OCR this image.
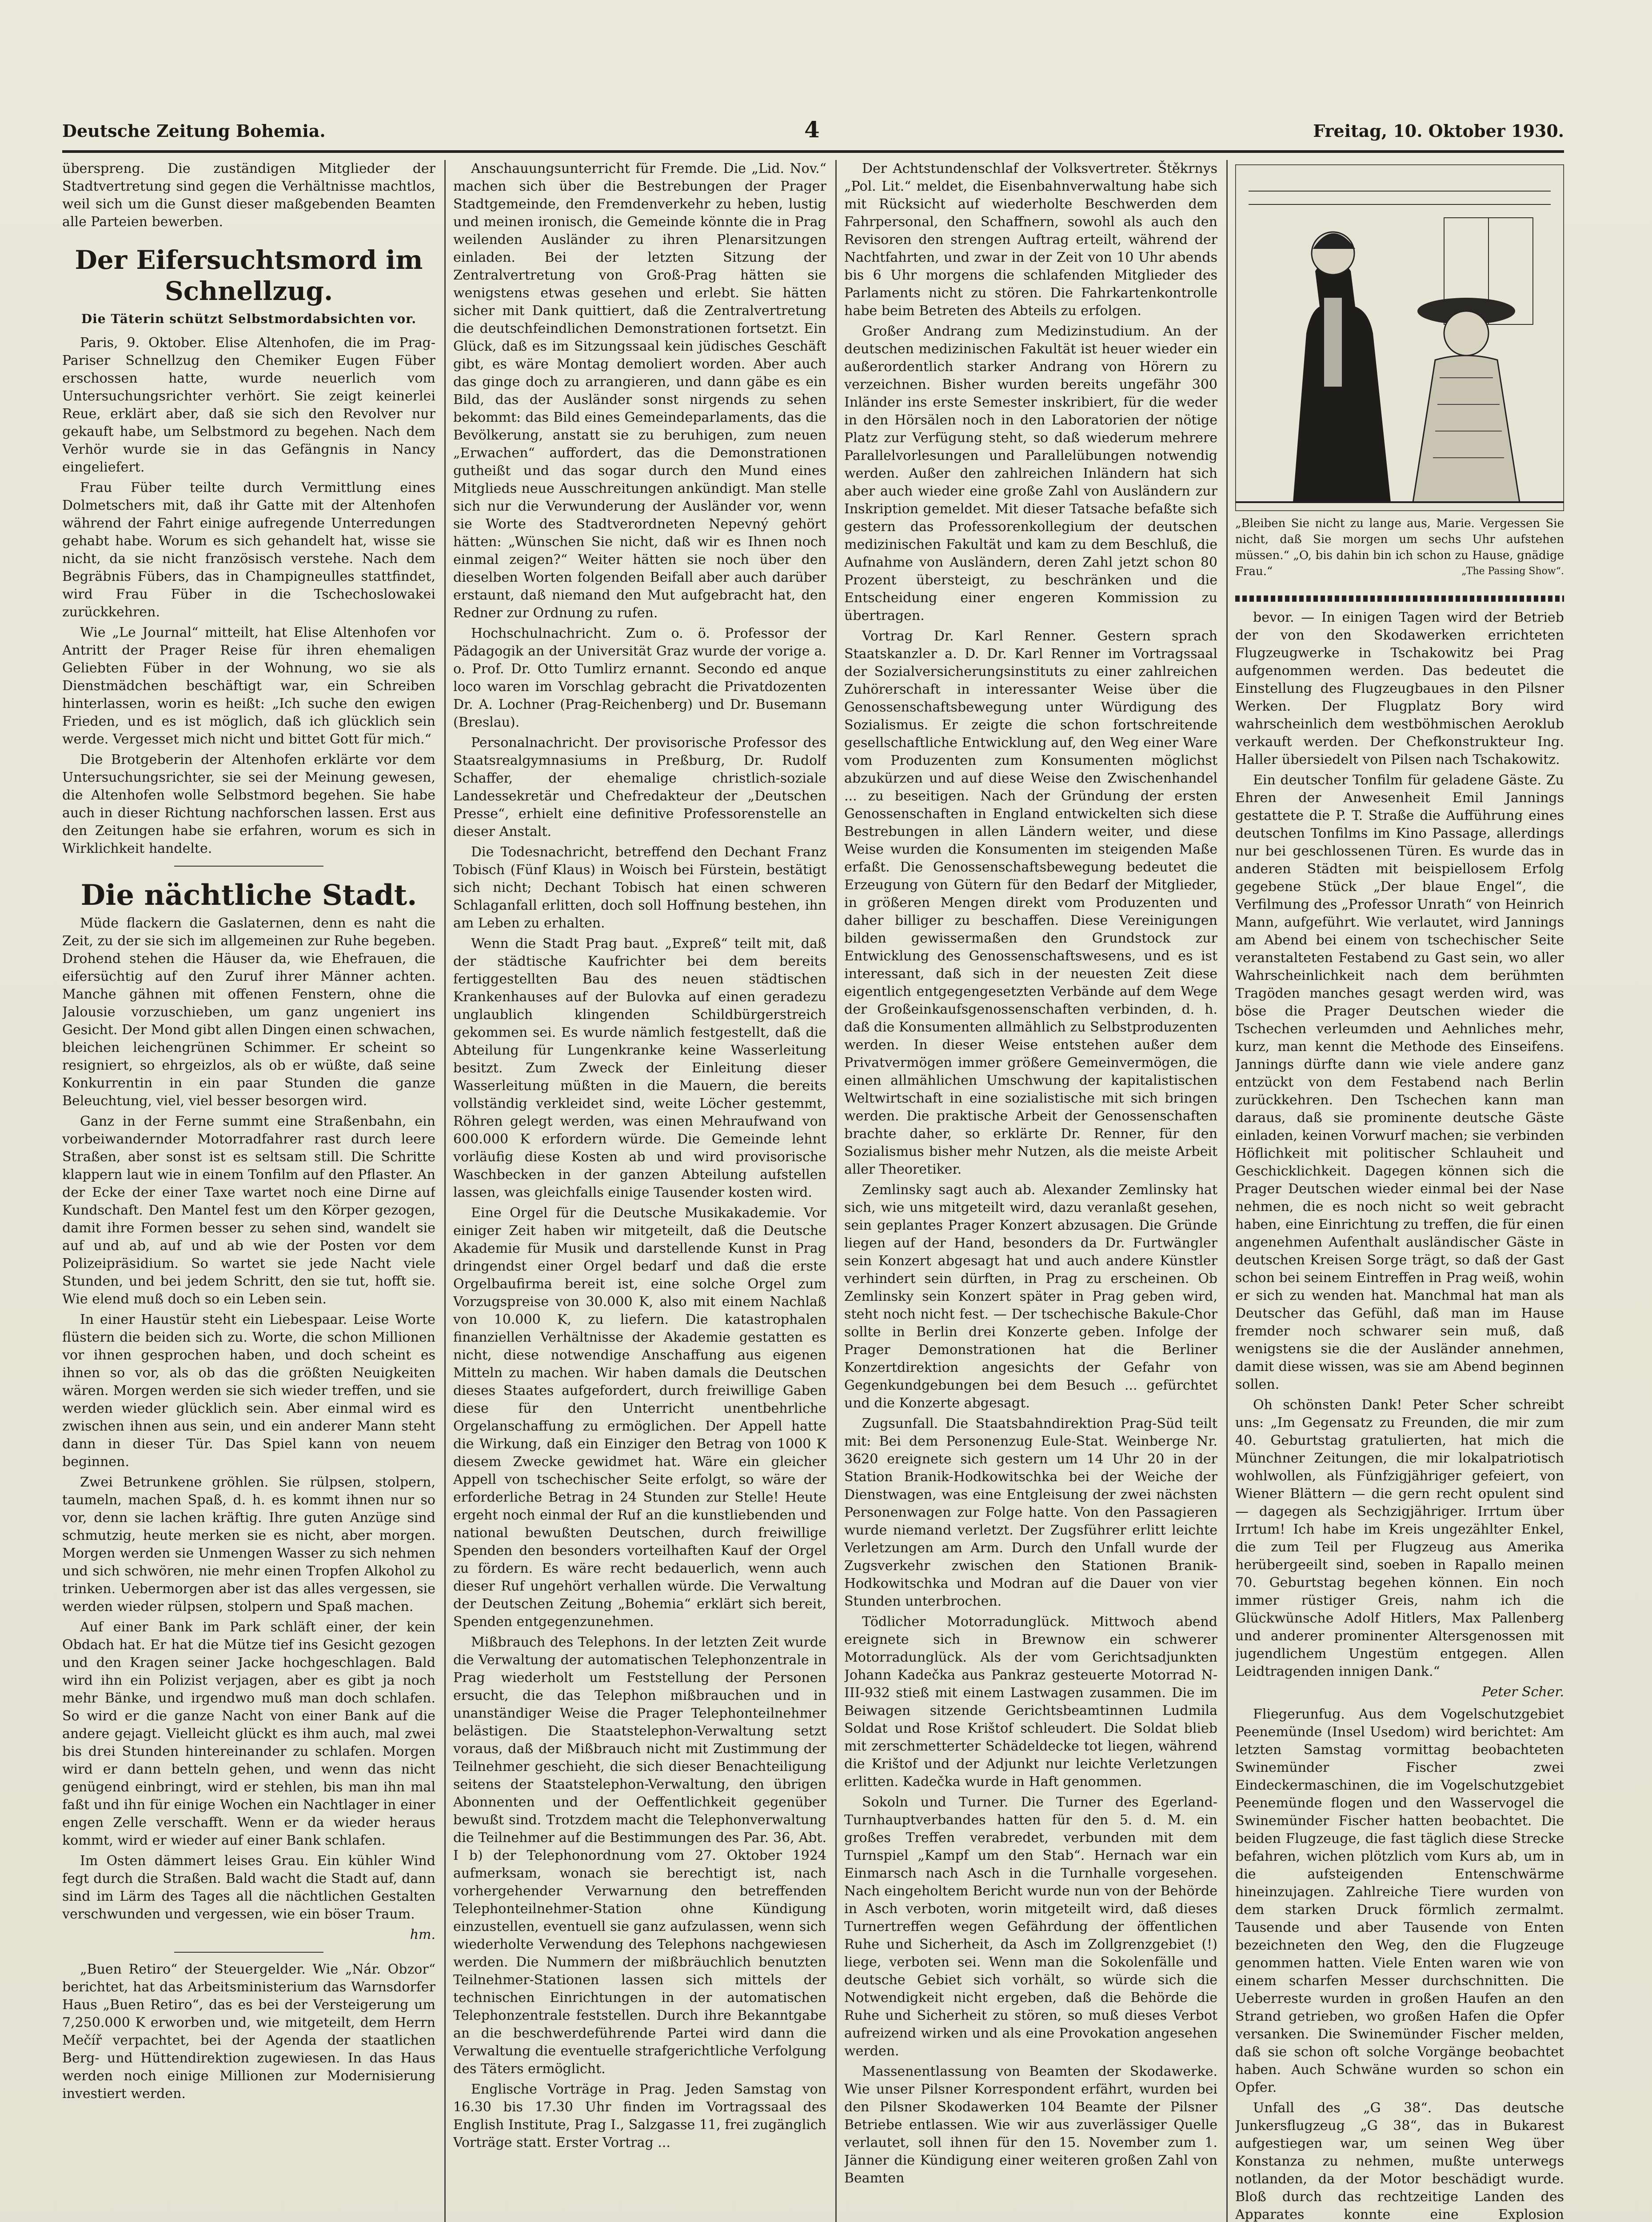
Deutsche Zeitung Bohemia.	4	Freitag, 10. Oktober 1930.

überspreng. Die zuständigen Mitglieder der Stadtvertretung sind gegen die Verhältnisse machtlos, weil sich um die Gunst dieser maßgebenden Beamten alle Parteien bewerben.

Der Eifersuchtsmord im Schnellzug.
Die Täterin schützt Selbstmordabsichten vor.

Paris, 9. Oktober. Elise Altenhofen, die im Prag-Pariser Schnellzug den Chemiker Eugen Füber erschossen hatte, wurde neuerlich vom Untersuchungsrichter verhört. Sie zeigt keinerlei Reue, erklärt aber, daß sie sich den Revolver nur gekauft habe, um Selbstmord zu begehen. Nach dem Verhör wurde sie in das Gefängnis in Nancy eingeliefert.

Frau Füber teilte durch Vermittlung eines Dolmetschers mit, daß ihr Gatte mit der Altenhofen während der Fahrt einige aufregende Unterredungen gehabt habe. Worum es sich gehandelt hat, wisse sie nicht, da sie nicht französisch verstehe. Nach dem Begräbnis Fübers, das in Champigneulles stattfindet, wird Frau Füber in die Tschechoslowakei zurückkehren.

Wie „Le Journal“ mitteilt, hat Elise Altenhofen vor Antritt der Prager Reise für ihren ehemaligen Geliebten Füber in der Wohnung, wo sie als Dienstmädchen beschäftigt war, ein Schreiben hinterlassen, worin es heißt: „Ich suche den ewigen Frieden, und es ist möglich, daß ich glücklich sein werde. Vergesset mich nicht und bittet Gott für mich.“

Die Brotgeberin der Altenhofen erklärte vor dem Untersuchungsrichter, sie sei der Meinung gewesen, die Altenhofen wolle Selbstmord begehen. Sie habe auch in dieser Richtung nachforschen lassen. Erst aus den Zeitungen habe sie erfahren, worum es sich in Wirklichkeit handelte.

Die nächtliche Stadt.

Müde flackern die Gaslaternen, denn es naht die Zeit, zu der sie sich im allgemeinen zur Ruhe begeben. Drohend stehen die Häuser da, wie Ehefrauen, die eifersüchtig auf den Zuruf ihrer Männer achten. Manche gähnen mit offenen Fenstern, ohne die Jalousie vorzuschieben, um ganz ungeniert ins Gesicht. Der Mond gibt allen Dingen einen schwachen, bleichen leichengrünen Schimmer. Er scheint so resigniert, so ehrgeizlos, als ob er wüßte, daß seine Konkurrentin in ein paar Stunden die ganze Beleuchtung, viel, viel besser besorgen wird.

Ganz in der Ferne summt eine Straßenbahn, ein vorbeiwandernder Motorradfahrer rast durch leere Straßen, aber sonst ist es seltsam still. Die Schritte klappern laut wie in einem Tonfilm auf den Pflaster. An der Ecke der einer Taxe wartet noch eine Dirne auf Kundschaft. Den Mantel fest um den Körper gezogen, damit ihre Formen besser zu sehen sind, wandelt sie auf und ab, auf und ab wie der Posten vor dem Polizeipräsidium. So wartet sie jede Nacht viele Stunden, und bei jedem Schritt, den sie tut, hofft sie. Wie elend muß doch so ein Leben sein.

In einer Haustür steht ein Liebespaar. Leise Worte flüstern die beiden sich zu. Worte, die schon Millionen vor ihnen gesprochen haben, und doch scheint es ihnen so vor, als ob das die größten Neuigkeiten wären. Morgen werden sie sich wieder treffen, und sie werden wieder glücklich sein. Aber einmal wird es zwischen ihnen aus sein, und ein anderer Mann steht dann in dieser Tür. Das Spiel kann von neuem beginnen.

Zwei Betrunkene gröhlen. Sie rülpsen, stolpern, taumeln, machen Spaß, d. h. es kommt ihnen nur so vor, denn sie lachen kräftig. Ihre guten Anzüge sind schmutzig, heute merken sie es nicht, aber morgen. Morgen werden sie Unmengen Wasser zu sich nehmen und sich schwören, nie mehr einen Tropfen Alkohol zu trinken. Uebermorgen aber ist das alles vergessen, sie werden wieder rülpsen, stolpern und Spaß machen.

Auf einer Bank im Park schläft einer, der kein Obdach hat. Er hat die Mütze tief ins Gesicht gezogen und den Kragen seiner Jacke hochgeschlagen. Bald wird ihn ein Polizist verjagen, aber es gibt ja noch mehr Bänke, und irgendwo muß man doch schlafen. So wird er die ganze Nacht von einer Bank auf die andere gejagt. Vielleicht glückt es ihm auch, mal zwei bis drei Stunden hintereinander zu schlafen. Morgen wird er dann betteln gehen, und wenn das nicht genügend einbringt, wird er stehlen, bis man ihn mal faßt und ihn für einige Wochen ein Nachtlager in einer engen Zelle verschafft. Wenn er da wieder heraus kommt, wird er wieder auf einer Bank schlafen.

Im Osten dämmert leises Grau. Ein kühler Wind fegt durch die Straßen. Bald wacht die Stadt auf, dann sind im Lärm des Tages all die nächtlichen Gestalten verschwunden und vergessen, wie ein böser Traum.

hm.

„Buen Retiro“ der Steuergelder. Wie „Nár. Obzor“ berichtet, hat das Arbeitsministerium das Warnsdorfer Haus „Buen Retiro“, das es bei der Versteigerung um 7,250.000 K erworben und, wie mitgeteilt, dem Herrn Mečíř verpachtet, bei der Agenda der staatlichen Berg- und Hüttendirektion zugewiesen. In das Haus werden noch einige Millionen zur Modernisierung investiert werden.

Anschauungsunterricht für Fremde. Die „Lid. Nov.“ machen sich über die Bestrebungen der Prager Stadtgemeinde, den Fremdenverkehr zu heben, lustig und meinen ironisch, die Gemeinde könnte die in Prag weilenden Ausländer zu ihren Plenarsitzungen einladen. Bei der letzten Sitzung der Zentralvertretung von Groß-Prag hätten sie wenigstens etwas gesehen und erlebt. Sie hätten sicher mit Dank quittiert, daß die Zentralvertretung die deutschfeindlichen Demonstrationen fortsetzt. Ein Glück, daß es im Sitzungssaal kein jüdisches Geschäft gibt, es wäre Montag demoliert worden. Aber auch das ginge doch zu arrangieren, und dann gäbe es ein Bild, das der Ausländer sonst nirgends zu sehen bekommt: das Bild eines Gemeindeparlaments, das die Bevölkerung, anstatt sie zu beruhigen, zum neuen „Erwachen“ auffordert, das die Demonstrationen gutheißt und das sogar durch den Mund eines Mitglieds neue Ausschreitungen ankündigt. Man stelle sich nur die Verwunderung der Ausländer vor, wenn sie Worte des Stadtverordneten Nepevný gehört hätten: „Wünschen Sie nicht, daß wir es Ihnen noch einmal zeigen?“ Weiter hätten sie noch über den dieselben Worten folgenden Beifall aber auch darüber erstaunt, daß niemand den Mut aufgebracht hat, den Redner zur Ordnung zu rufen.

Hochschulnachricht. Zum o. ö. Professor der Pädagogik an der Universität Graz wurde der vorige a. o. Prof. Dr. Otto Tumlirz ernannt. Secondo ed anque loco waren im Vorschlag gebracht die Privatdozenten Dr. A. Lochner (Prag-Reichenberg) und Dr. Busemann (Breslau).

Personalnachricht. Der provisorische Professor des Staatsrealgymnasiums in Preßburg, Dr. Rudolf Schaffer, der ehemalige christlich-soziale Landessekretär und Chefredakteur der „Deutschen Presse“, erhielt eine definitive Professorenstelle an dieser Anstalt.

Die Todesnachricht, betreffend den Dechant Franz Tobisch (Fünf Klaus) in Woisch bei Fürstein, bestätigt sich nicht; Dechant Tobisch hat einen schweren Schlaganfall erlitten, doch soll Hoffnung bestehen, ihn am Leben zu erhalten.

Wenn die Stadt Prag baut. „Expreß“ teilt mit, daß der städtische Kaufrichter bei dem bereits fertiggestellten Bau des neuen städtischen Krankenhauses auf der Bulovka auf einen geradezu unglaublich klingenden Schildbürgerstreich gekommen sei. Es wurde nämlich festgestellt, daß die Abteilung für Lungenkranke keine Wasserleitung besitzt. Zum Zweck der Einleitung dieser Wasserleitung müßten in die Mauern, die bereits vollständig verkleidet sind, weite Löcher gestemmt, Röhren gelegt werden, was einen Mehraufwand von 600.000 K erfordern würde. Die Gemeinde lehnt vorläufig diese Kosten ab und wird provisorische Waschbecken in der ganzen Abteilung aufstellen lassen, was gleichfalls einige Tausender kosten wird.

Eine Orgel für die Deutsche Musikakademie. Vor einiger Zeit haben wir mitgeteilt, daß die Deutsche Akademie für Musik und darstellende Kunst in Prag dringendst einer Orgel bedarf und daß die erste Orgelbaufirma bereit ist, eine solche Orgel zum Vorzugspreise von 30.000 K, also mit einem Nachlaß von 10.000 K, zu liefern. Die katastrophalen finanziellen Verhältnisse der Akademie gestatten es nicht, diese notwendige Anschaffung aus eigenen Mitteln zu machen. Wir haben damals die Deutschen dieses Staates aufgefordert, durch freiwillige Gaben diese für den Unterricht unentbehrliche Orgelanschaffung zu ermöglichen. Der Appell hatte die Wirkung, daß ein Einziger den Betrag von 1000 K diesem Zwecke gewidmet hat. Wäre ein gleicher Appell von tschechischer Seite erfolgt, so wäre der erforderliche Betrag in 24 Stunden zur Stelle! Heute ergeht noch einmal der Ruf an die kunstliebenden und national bewußten Deutschen, durch freiwillige Spenden den besonders vorteilhaften Kauf der Orgel zu fördern. Es wäre recht bedauerlich, wenn auch dieser Ruf ungehört verhallen würde. Die Verwaltung der Deutschen Zeitung „Bohemia“ erklärt sich bereit, Spenden entgegenzunehmen.

Mißbrauch des Telephons. In der letzten Zeit wurde die Verwaltung der automatischen Telephonzentrale in Prag wiederholt um Feststellung der Personen ersucht, die das Telephon mißbrauchen und in unanständiger Weise die Prager Telephonteilnehmer belästigen. Die Staatstelephon-Verwaltung setzt voraus, daß der Mißbrauch nicht mit Zustimmung der Teilnehmer geschieht, die sich dieser Benachteiligung seitens der Staatstelephon-Verwaltung, den übrigen Abonnenten und der Oeffentlichkeit gegenüber bewußt sind. Trotzdem macht die Telephonverwaltung die Teilnehmer auf die Bestimmungen des Par. 36, Abt. I b) der Telephonordnung vom 27. Oktober 1924 aufmerksam, wonach sie berechtigt ist, nach vorhergehender Verwarnung den betreffenden Telephonteilnehmer-Station ohne Kündigung einzustellen, eventuell sie ganz aufzulassen, wenn sich wiederholte Verwendung des Telephons nachgewiesen werden. Die Nummern der mißbräuchlich benutzten Teilnehmer-Stationen lassen sich mittels der technischen Einrichtungen in der automatischen Telephonzentrale feststellen. Durch ihre Bekanntgabe an die beschwerdeführende Partei wird dann die Verwaltung die eventuelle strafgerichtliche Verfolgung des Täters ermöglicht.

Englische Vorträge in Prag. Jeden Samstag von 16.30 bis 17.30 Uhr finden im Vortragssaal des English Institute, Prag I., Salzgasse 11, frei zugänglich Vorträge statt. Erster Vortrag ...

Der Achtstundenschlaf der Volksvertreter. Štěkrnys „Pol. Lit.“ meldet, die Eisenbahnverwaltung habe sich mit Rücksicht auf wiederholte Beschwerden dem Fahrpersonal, den Schaffnern, sowohl als auch den Revisoren den strengen Auftrag erteilt, während der Nachtfahrten, und zwar in der Zeit von 10 Uhr abends bis 6 Uhr morgens die schlafenden Mitglieder des Parlaments nicht zu stören. Die Fahrkartenkontrolle habe beim Betreten des Abteils zu erfolgen.

Großer Andrang zum Medizinstudium. An der deutschen medizinischen Fakultät ist heuer wieder ein außerordentlich starker Andrang von Hörern zu verzeichnen. Bisher wurden bereits ungefähr 300 Inländer ins erste Semester inskribiert, für die weder in den Hörsälen noch in den Laboratorien der nötige Platz zur Verfügung steht, so daß wiederum mehrere Parallelvorlesungen und Parallelübungen notwendig werden. Außer den zahlreichen Inländern hat sich aber auch wieder eine große Zahl von Ausländern zur Inskription gemeldet. Mit dieser Tatsache befaßte sich gestern das Professorenkollegium der deutschen medizinischen Fakultät und kam zu dem Beschluß, die Aufnahme von Ausländern, deren Zahl jetzt schon 80 Prozent übersteigt, zu beschränken und die Entscheidung einer engeren Kommission zu übertragen.

Vortrag Dr. Karl Renner. Gestern sprach Staatskanzler a. D. Dr. Karl Renner im Vortragssaal der Sozialversicherungsinstituts zu einer zahlreichen Zuhörerschaft in interessanter Weise über die Genossenschaftsbewegung unter Würdigung des Sozialismus. Er zeigte die schon fortschreitende gesellschaftliche Entwicklung auf, den Weg einer Ware vom Produzenten zum Konsumenten möglichst abzukürzen und auf diese Weise den Zwischenhandel ... zu beseitigen. Nach der Gründung der ersten Genossenschaften in England entwickelten sich diese Bestrebungen in allen Ländern weiter, und diese Weise wurden die Konsumenten im steigenden Maße erfaßt. Die Genossenschaftsbewegung bedeutet die Erzeugung von Gütern für den Bedarf der Mitglieder, in größeren Mengen direkt vom Produzenten und daher billiger zu beschaffen. Diese Vereinigungen bilden gewissermaßen den Grundstock zur Entwicklung des Genossenschaftswesens, und es ist interessant, daß sich in der neuesten Zeit diese eigentlich entgegengesetzten Verbände auf dem Wege der Großeinkaufsgenossenschaften verbinden, d. h. daß die Konsumenten allmählich zu Selbstproduzenten werden. In dieser Weise entstehen außer dem Privatvermögen immer größere Gemeinvermögen, die einen allmählichen Umschwung der kapitalistischen Weltwirtschaft in eine sozialistische mit sich bringen werden. Die praktische Arbeit der Genossenschaften brachte daher, so erklärte Dr. Renner, für den Sozialismus bisher mehr Nutzen, als die meiste Arbeit aller Theoretiker.

Zemlinsky sagt auch ab. Alexander Zemlinsky hat sich, wie uns mitgeteilt wird, dazu veranlaßt gesehen, sein geplantes Prager Konzert abzusagen. Die Gründe liegen auf der Hand, besonders da Dr. Furtwängler sein Konzert abgesagt hat und auch andere Künstler verhindert sein dürften, in Prag zu erscheinen. Ob Zemlinsky sein Konzert später in Prag geben wird, steht noch nicht fest. — Der tschechische Bakule-Chor sollte in Berlin drei Konzerte geben. Infolge der Prager Demonstrationen hat die Berliner Konzertdirektion angesichts der Gefahr von Gegenkundgebungen bei dem Besuch ... gefürchtet und die Konzerte abgesagt.

Zugsunfall. Die Staatsbahndirektion Prag-Süd teilt mit: Bei dem Personenzug Eule-Stat. Weinberge Nr. 3620 ereignete sich gestern um 14 Uhr 20 in der Station Branik-Hodkowitschka bei der Weiche der Dienstwagen, was eine Entgleisung der zwei nächsten Personenwagen zur Folge hatte. Von den Passagieren wurde niemand verletzt. Der Zugsführer erlitt leichte Verletzungen am Arm. Durch den Unfall wurde der Zugsverkehr zwischen den Stationen Branik-Hodkowitschka und Modran auf die Dauer von vier Stunden unterbrochen.

Tödlicher Motorradunglück. Mittwoch abend ereignete sich in Brewnow ein schwerer Motorradunglück. Als der vom Gerichtsadjunkten Johann Kadečka aus Pankraz gesteuerte Motorrad N-III-932 stieß mit einem Lastwagen zusammen. Die im Beiwagen sitzende Gerichtsbeamtinnen Ludmila Soldat und Rose Krištof schleudert. Die Soldat blieb mit zerschmetterter Schädeldecke tot liegen, während die Krištof und der Adjunkt nur leichte Verletzungen erlitten. Kadečka wurde in Haft genommen.

Sokoln und Turner. Die Turner des Egerland-Turnhauptverbandes hatten für den 5. d. M. ein großes Treffen verabredet, verbunden mit dem Turnspiel „Kampf um den Stab“. Hernach war ein Einmarsch nach Asch in die Turnhalle vorgesehen. Nach eingeholtem Bericht wurde nun von der Behörde in Asch verboten, worin mitgeteilt wird, daß dieses Turnertreffen wegen Gefährdung der öffentlichen Ruhe und Sicherheit, da Asch im Zollgrenzgebiet (!) liege, verboten sei. Wenn man die Sokolenfälle und deutsche Gebiet sich vorhält, so würde sich die Notwendigkeit nicht ergeben, daß die Behörde die Ruhe und Sicherheit zu stören, so muß dieses Verbot aufreizend wirken und als eine Provokation angesehen werden.

Massenentlassung von Beamten der Skodawerke. Wie unser Pilsner Korrespondent erfährt, wurden bei den Pilsner Skodawerken 104 Beamte der Pilsner Betriebe entlassen. Wie wir aus zuverlässiger Quelle verlautet, soll ihnen für den 15. November zum 1. Jänner die Kündigung einer weiteren großen Zahl von Beamten

„Bleiben Sie nicht zu lange aus, Marie. Vergessen Sie nicht, daß Sie morgen um sechs Uhr aufstehen müssen.“ „O, bis dahin bin ich schon zu Hause, gnädige Frau.“	„The Passing Show“.

bevor. — In einigen Tagen wird der Betrieb der von den Skodawerken errichteten Flugzeugwerke in Tschakowitz bei Prag aufgenommen werden. Das bedeutet die Einstellung des Flugzeugbaues in den Pilsner Werken. Der Flugplatz Bory wird wahrscheinlich dem westböhmischen Aeroklub verkauft werden. Der Chefkonstrukteur Ing. Haller übersiedelt von Pilsen nach Tschakowitz.

Ein deutscher Tonfilm für geladene Gäste. Zu Ehren der Anwesenheit Emil Jannings gestattete die P. T. Straße die Aufführung eines deutschen Tonfilms im Kino Passage, allerdings nur bei geschlossenen Türen. Es wurde das in anderen Städten mit beispiellosem Erfolg gegebene Stück „Der blaue Engel“, die Verfilmung des „Professor Unrath“ von Heinrich Mann, aufgeführt. Wie verlautet, wird Jannings am Abend bei einem von tschechischer Seite veranstalteten Festabend zu Gast sein, wo aller Wahrscheinlichkeit nach dem berühmten Tragöden manches gesagt werden wird, was böse die Prager Deutschen wieder die Tschechen verleumden und Aehnliches mehr, kurz, man kennt die Methode des Einseifens. Jannings dürfte dann wie viele andere ganz entzückt von dem Festabend nach Berlin zurückkehren. Den Tschechen kann man daraus, daß sie prominente deutsche Gäste einladen, keinen Vorwurf machen; sie verbinden Höflichkeit mit politischer Schlauheit und Geschicklichkeit. Dagegen können sich die Prager Deutschen wieder einmal bei der Nase nehmen, die es noch nicht so weit gebracht haben, eine Einrichtung zu treffen, die für einen angenehmen Aufenthalt ausländischer Gäste in deutschen Kreisen Sorge trägt, so daß der Gast schon bei seinem Eintreffen in Prag weiß, wohin er sich zu wenden hat. Manchmal hat man als Deutscher das Gefühl, daß man im Hause fremder noch schwarer sein muß, daß wenigstens sie die der Ausländer annehmen, damit diese wissen, was sie am Abend beginnen sollen.

Oh schönsten Dank! Peter Scher schreibt uns: „Im Gegensatz zu Freunden, die mir zum 40. Geburtstag gratulierten, hat mich die Münchner Zeitungen, die mir lokalpatriotisch wohlwollen, als Fünfzigjähriger gefeiert, von Wiener Blättern — die gern recht opulent sind — dagegen als Sechzigjähriger. Irrtum über Irrtum! Ich habe im Kreis ungezählter Enkel, die zum Teil per Flugzeug aus Amerika herübergeeilt sind, soeben in Rapallo meinen 70. Geburtstag begehen können. Ein noch immer rüstiger Greis, nahm ich die Glückwünsche Adolf Hitlers, Max Pallenberg und anderer prominenter Altersgenossen mit jugendlichem Ungestüm entgegen. Allen Leidtragenden innigen Dank.“

Peter Scher.

Fliegerunfug. Aus dem Vogelschutzgebiet Peenemünde (Insel Usedom) wird berichtet: Am letzten Samstag vormittag beobachteten Swinemünder Fischer zwei Eindeckermaschinen, die im Vogelschutzgebiet Peenemünde flogen und den Wasservogel die Swinemünder Fischer hatten beobachtet. Die beiden Flugzeuge, die fast täglich diese Strecke befahren, wichen plötzlich vom Kurs ab, um in die aufsteigenden Entenschwärme hineinzujagen. Zahlreiche Tiere wurden von dem starken Druck förmlich zermalmt. Tausende und aber Tausende von Enten bezeichneten den Weg, den die Flugzeuge genommen hatten. Viele Enten waren wie von einem scharfen Messer durchschnitten. Die Ueberreste wurden in großen Haufen an den Strand getrieben, wo großen Hafen die Opfer versanken. Die Swinemünder Fischer melden, daß sie schon oft solche Vorgänge beobachtet haben. Auch Schwäne wurden so schon ein Opfer.

Unfall des „G 38“. Das deutsche Junkersflugzeug „G 38“, das in Bukarest aufgestiegen war, um seinen Weg über Konstanza zu nehmen, mußte unterwegs notlanden, da der Motor beschädigt wurde. Bloß durch das rechtzeitige Landen des Apparates konnte eine Explosion
